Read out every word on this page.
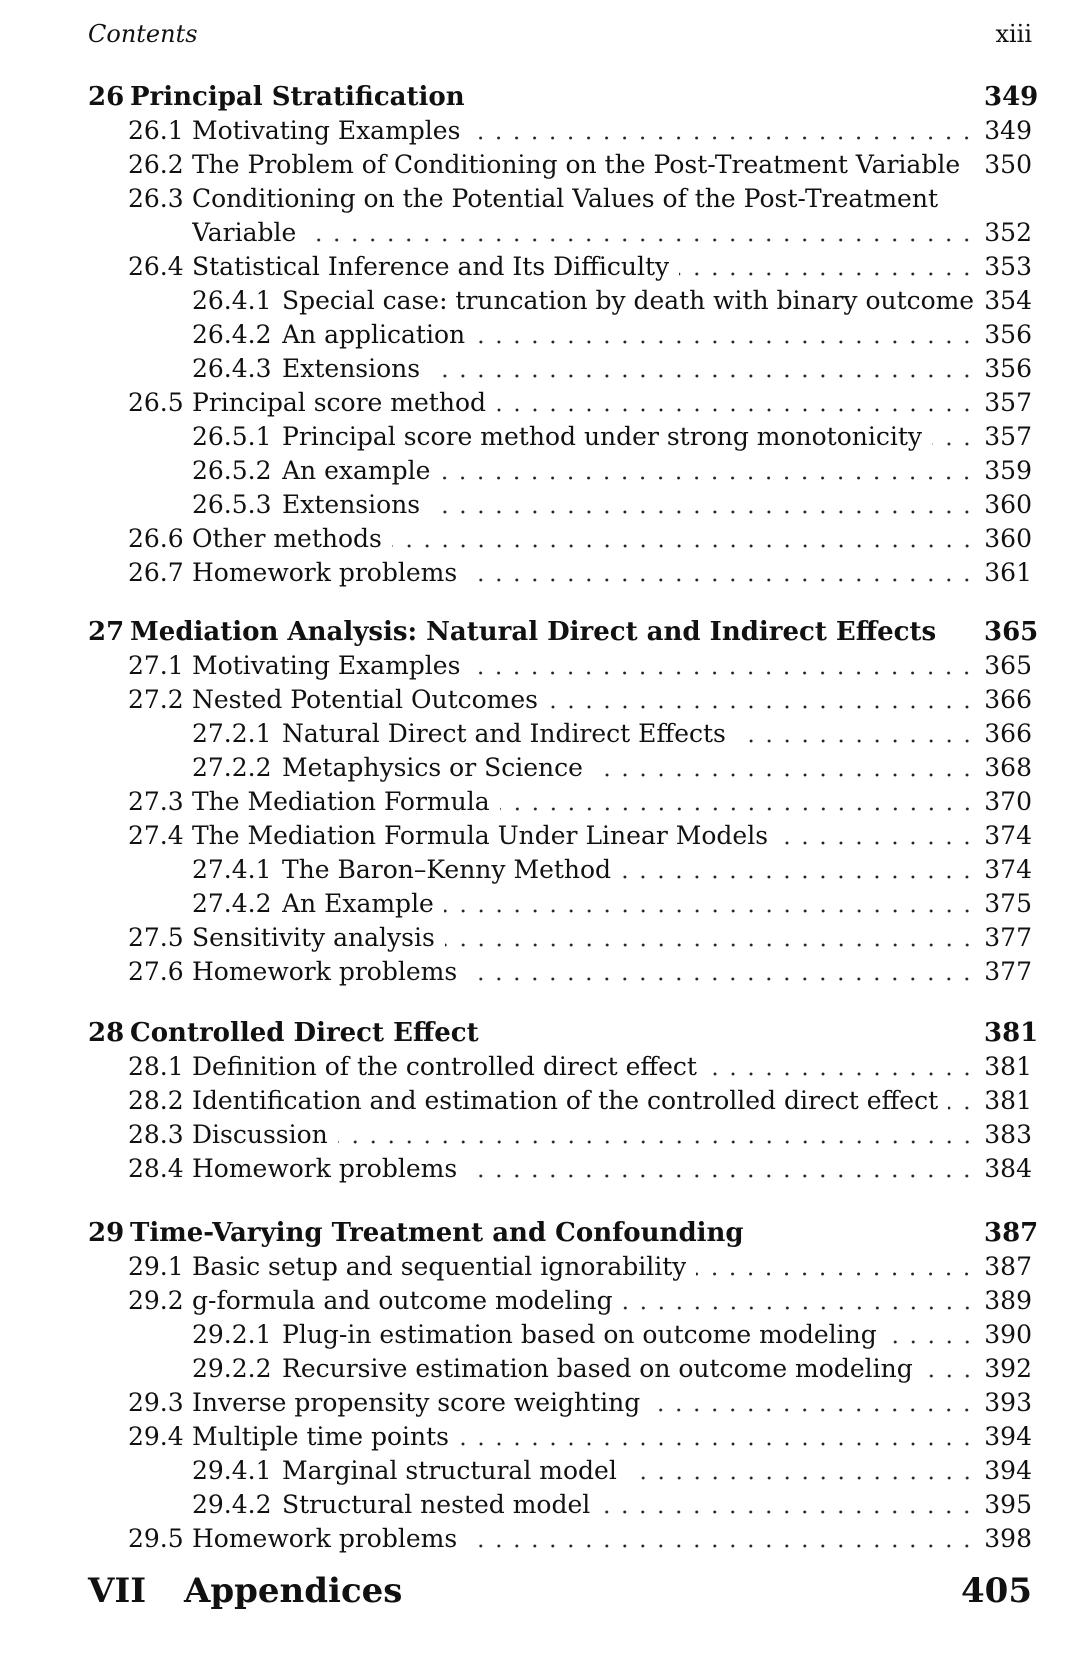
Contents	xiii
26 Principal Stratification	349
26.1 Motivating Examples	349
26.2 The Problem of Conditioning on the Post-Treatment Variable 350
26.3 Conditioning on the Potential Values of the Post-Treatment
Variable	352
26.4 Statistical Inference and Its Difficulty	353
26.4.1 Special case: truncation by death with binary outcome 354
26.4.2 An application	356
26.4.3 Extensions	356
26.5 Principal score method	357
26.5.1 Principal score method under strong monotonicity 357
26.5.2 An example	359
26.5.3 Extensions	360
26.6 Other methods	360
26.7 Homework problems	361
27 Mediation Analysis: Natural Direct and Indirect Effects 365
27.1 Motivating Examples	365
27.2 Nested Potential Outcomes	366
27.2.1 Natural Direct and Indirect Effects	366
27.2.2 Metaphysics or Science	368
27.3 The Mediation Formula	370
27.4 The Mediation Formula Under Linear Models	374
27.4.1 The Baron–Kenny Method	374
27.4.2 An Example	375
27.5 Sensitivity analysis	377
27.6 Homework problems	377
28 Controlled Direct Effect	381
28.1 Definition of the controlled direct effect	381
28.2 Identification and estimation of the controlled direct effect 381
28.3 Discussion	383
28.4 Homework problems	384
29 Time-Varying Treatment and Confounding	387
29.1 Basic setup and sequential ignorability	387
29.2 g-formula and outcome modeling	389
29.2.1 Plug-in estimation based on outcome modeling	390
29.2.2 Recursive estimation based on outcome modeling	392
29.3 Inverse propensity score weighting	393
29.4 Multiple time points	394
29.4.1 Marginal structural model	394
29.4.2 Structural nested model	395
29.5 Homework problems	398
VII Appendices	405
